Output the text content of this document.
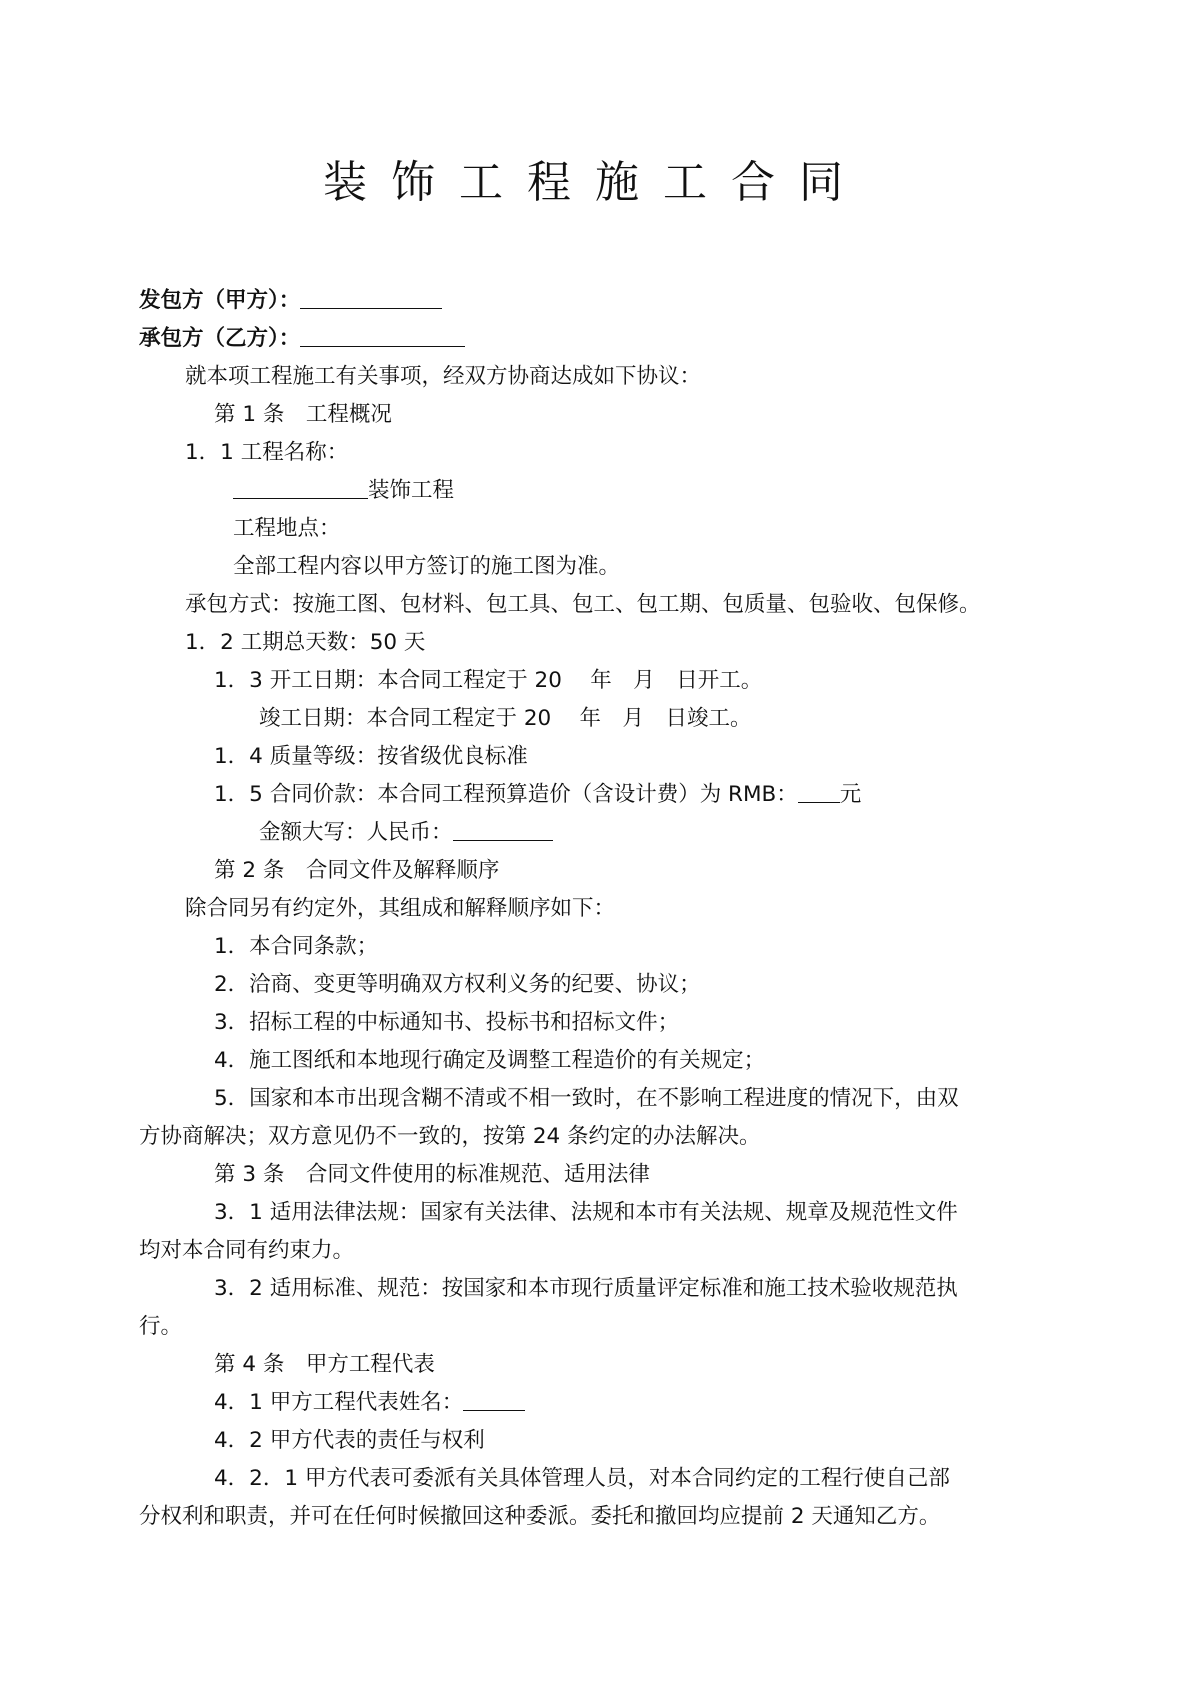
装饰工程施工合同
发包方（甲方）：
承包方（乙方）：
就本项工程施工有关事项，经双方协商达成如下协议：
第 1 条　工程概况
1．1 工程名称：
装饰工程
工程地点：
全部工程内容以甲方签订的施工图为准。
承包方式：按施工图、包材料、包工具、包工、包工期、包质量、包验收、包保修。
1．2 工期总天数：50 天
1．3 开工日期：本合同工程定于 20　 年　月　日开工。
竣工日期：本合同工程定于 20　 年　月　日竣工。
1．4 质量等级：按省级优良标准
1．5 合同价款：本合同工程预算造价（含设计费）为 RMB： 元
金额大写：人民币：
第 2 条　合同文件及解释顺序
除合同另有约定外，其组成和解释顺序如下：
1．本合同条款；
2．洽商、变更等明确双方权利义务的纪要、协议；
3．招标工程的中标通知书、投标书和招标文件；
4．施工图纸和本地现行确定及调整工程造价的有关规定；
5．国家和本市出现含糊不清或不相一致时，在不影响工程进度的情况下，由双
方协商解决；双方意见仍不一致的，按第 24 条约定的办法解决。
第 3 条　合同文件使用的标准规范、适用法律
3．1 适用法律法规：国家有关法律、法规和本市有关法规、规章及规范性文件
均对本合同有约束力。
3．2 适用标准、规范：按国家和本市现行质量评定标准和施工技术验收规范执
行。
第 4 条　甲方工程代表
4．1 甲方工程代表姓名：
4．2 甲方代表的责任与权利
4．2．1 甲方代表可委派有关具体管理人员，对本合同约定的工程行使自己部
分权利和职责，并可在任何时候撤回这种委派。委托和撤回均应提前 2 天通知乙方。
